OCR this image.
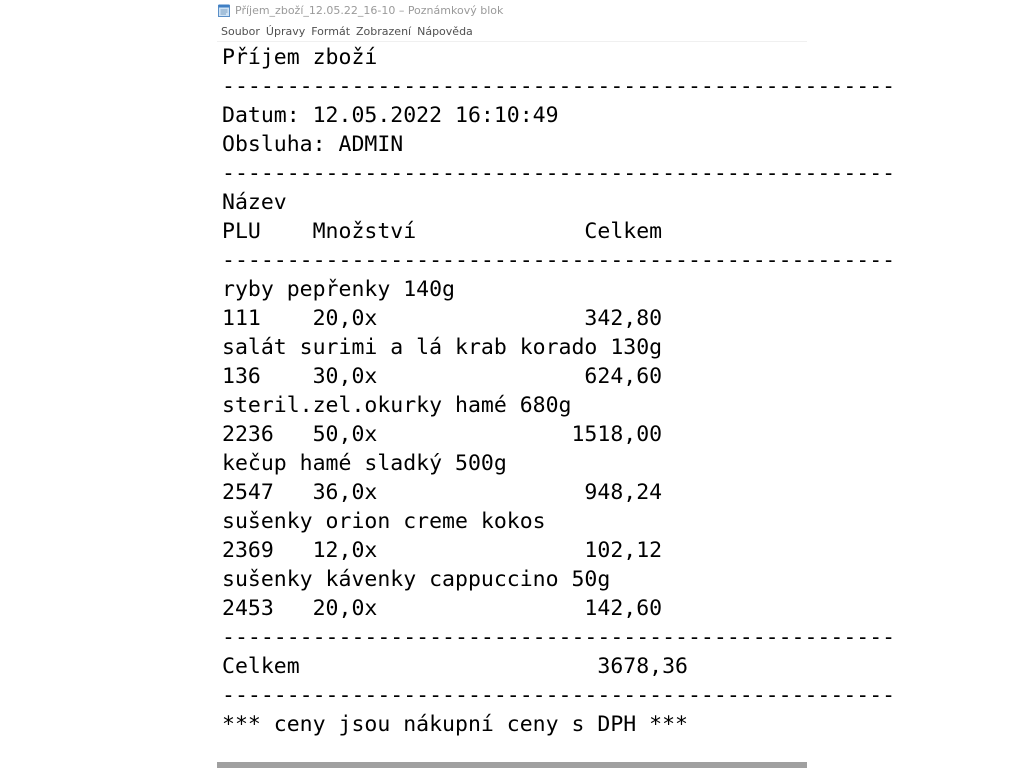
Příjem_zboží_12.05.22_16-10 – Poznámkový blok
Soubor Úpravy Formát Zobrazení Nápověda
Příjem zboží
----------------------------------------------------
Datum: 12.05.2022 16:10:49
Obsluha: ADMIN
----------------------------------------------------
Název
PLU    Množství             Celkem
----------------------------------------------------
ryby pepřenky 140g
111    20,0x                342,80
salát surimi a lá krab korado 130g
136    30,0x                624,60
steril.zel.okurky hamé 680g
2236   50,0x               1518,00
kečup hamé sladký 500g
2547   36,0x                948,24
sušenky orion creme kokos
2369   12,0x                102,12
sušenky kávenky cappuccino 50g
2453   20,0x                142,60
----------------------------------------------------
Celkem                       3678,36
----------------------------------------------------
*** ceny jsou nákupní ceny s DPH ***
